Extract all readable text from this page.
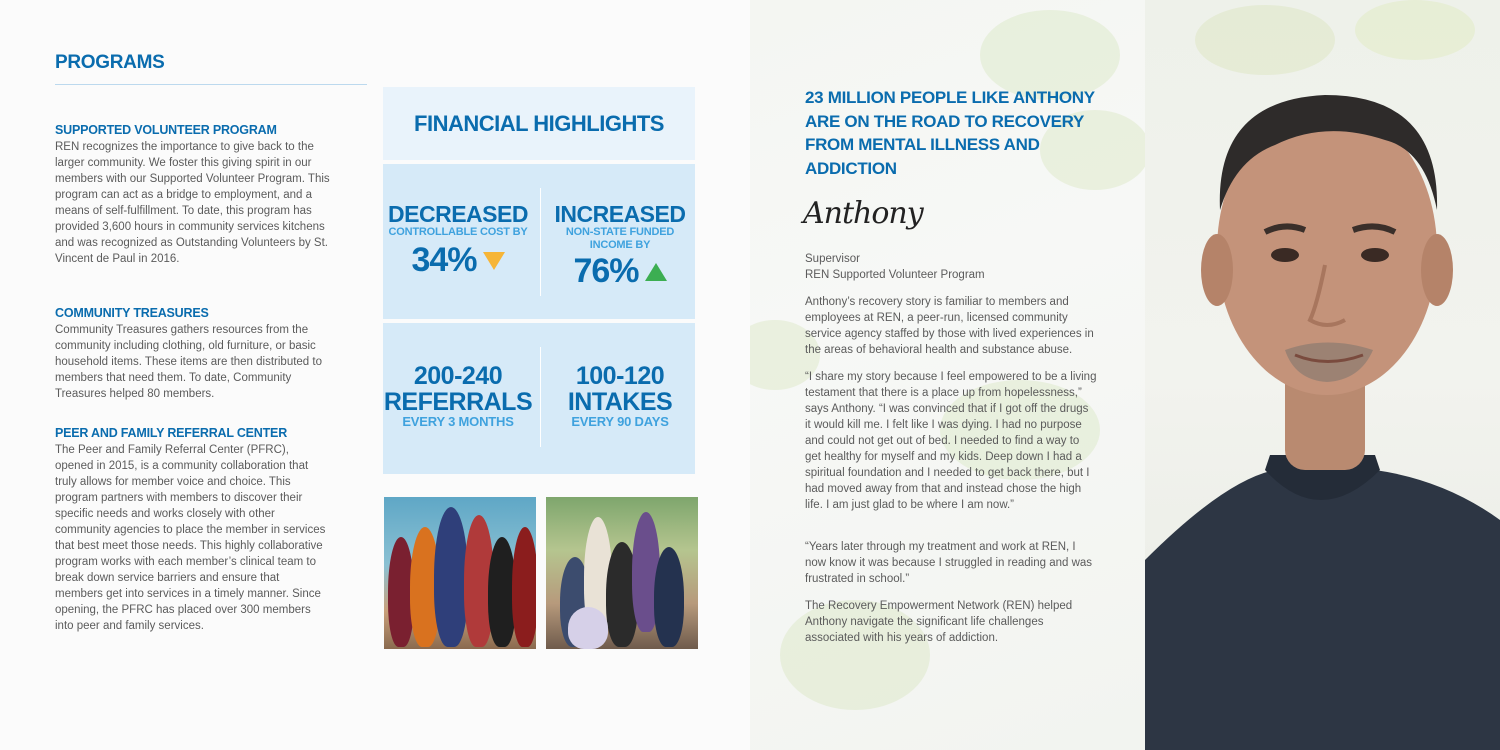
PROGRAMS
SUPPORTED VOLUNTEER PROGRAM

REN recognizes the importance to give back to the larger community. We foster this giving spirit in our members with our Supported Volunteer Program. This program can act as a bridge to employment, and a means of self-fulfillment. To date, this program has provided 3,600 hours in community services kitchens and was recognized as Outstanding Volunteers by St. Vincent de Paul in 2016.

COMMUNITY TREASURES

Community Treasures gathers resources from the community including clothing, old furniture, or basic household items. These items are then distributed to members that need them. To date, Community Treasures helped 80 members.

PEER AND FAMILY REFERRAL CENTER

The Peer and Family Referral Center (PFRC), opened in 2015, is a community collaboration that truly allows for member voice and choice. This program partners with members to discover their specific needs and works closely with other community agencies to place the member in services that best meet those needs. This highly collaborative program works with each member’s clinical team to break down service barriers and ensure that members get into services in a timely manner. Since opening, the PFRC has placed over 300 members into peer and family services.

FINANCIAL HIGHLIGHTS
DECREASED
CONTROLLABLE COST BY
34%
INCREASED
NON-STATE FUNDED INCOME BY
76%
200-240
REFERRALS
EVERY 3 MONTHS
100-120
INTAKES
EVERY 90 DAYS
23 MILLION PEOPLE LIKE ANTHONY ARE ON THE ROAD TO RECOVERY FROM MENTAL ILLNESS AND ADDICTION
Anthony

Supervisor

REN Supported Volunteer Program

Anthony’s recovery story is familiar to members and employees at REN, a peer-run, licensed community service agency staffed by those with lived experiences in the areas of behavioral health and substance abuse.

“I share my story because I feel empowered to be a living testament that there is a place up from hopelessness,” says Anthony. “I was convinced that if I got off the drugs it would kill me. I felt like I was dying. I had no purpose and could not get out of bed. I needed to find a way to get healthy for myself and my kids. Deep down I had a spiritual foundation and I needed to get back there, but I had moved away from that and instead chose the high life. I am just glad to be where I am now.”

“Years later through my treatment and work at REN, I now know it was because I struggled in reading and was frustrated in school.”

The Recovery Empowerment Network (REN) helped Anthony navigate the significant life challenges associated with his years of addiction.
